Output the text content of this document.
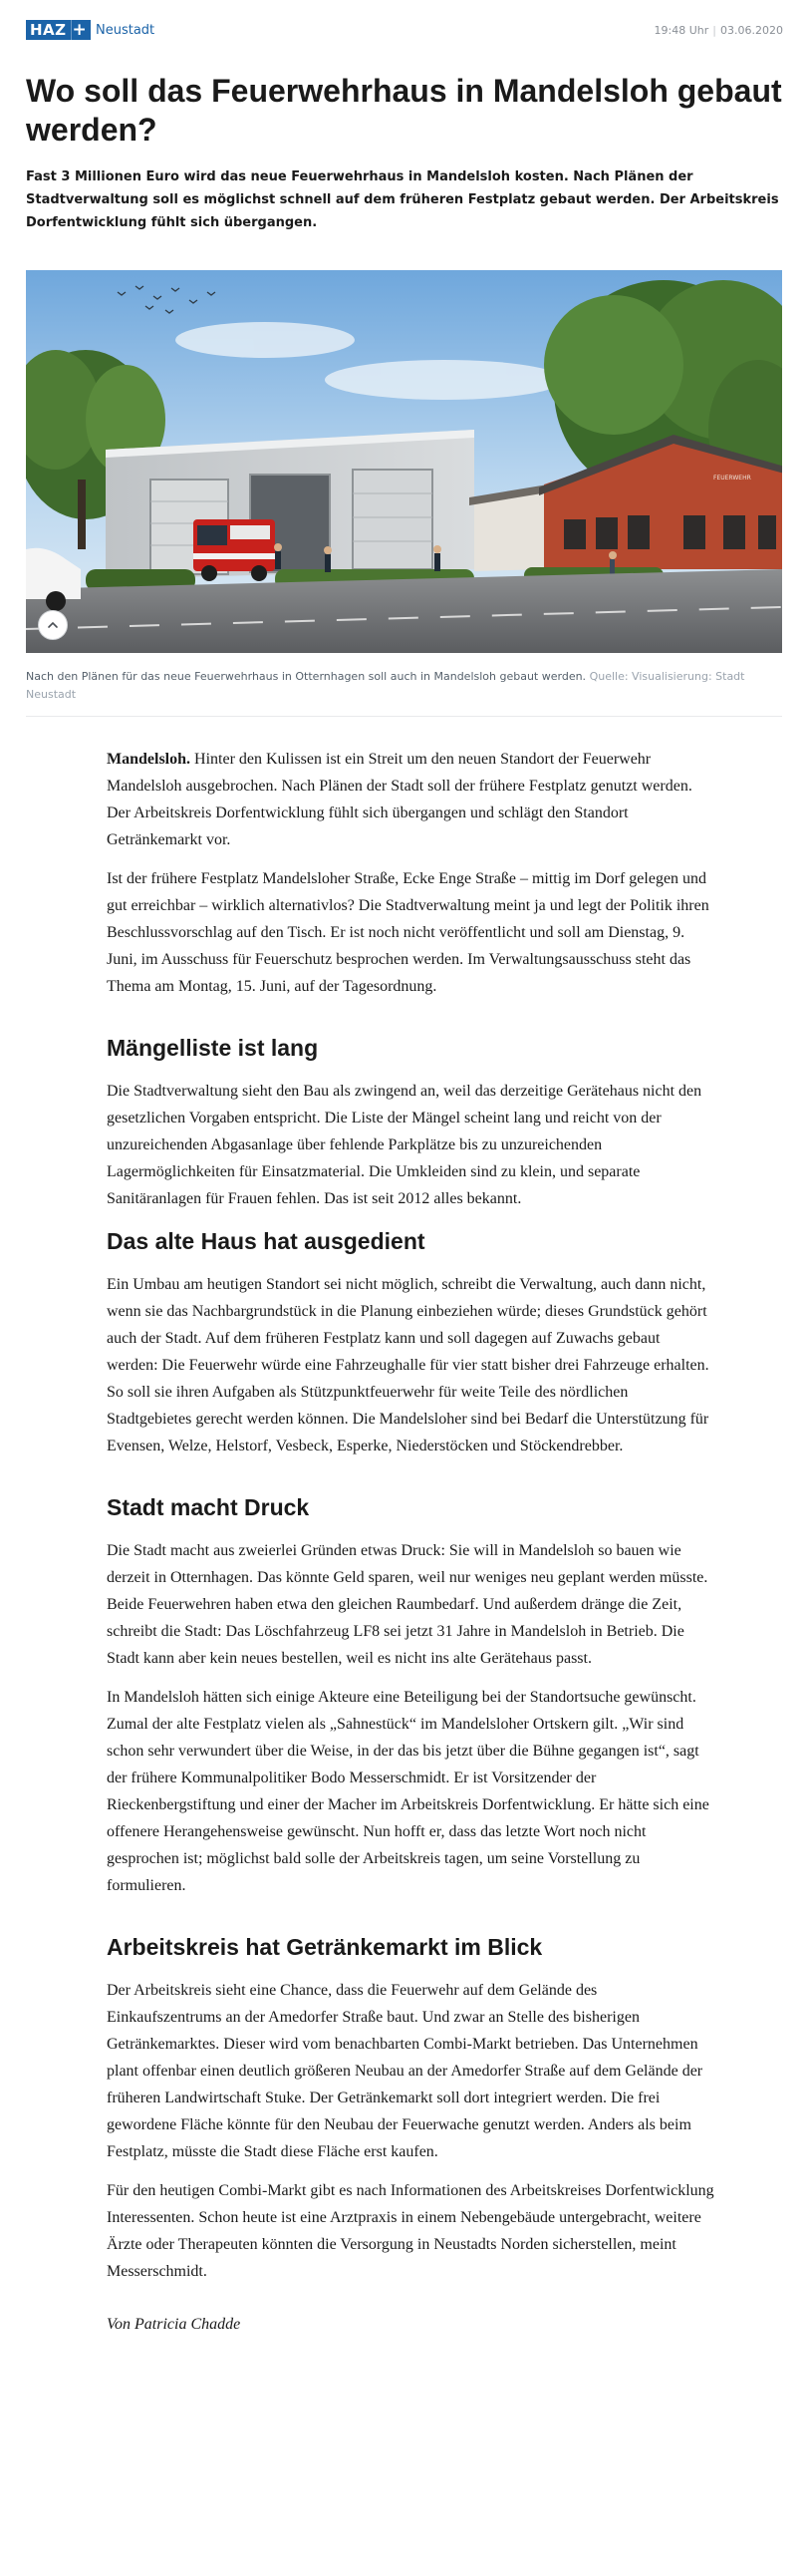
HAZ + Neustadt	19:48 Uhr | 03.06.2020
Wo soll das Feuerwehrhaus in Mandelsloh gebaut werden?

Fast 3 Millionen Euro wird das neue Feuerwehrhaus in Mandelsloh kosten. Nach Plänen der Stadtverwaltung soll es möglichst schnell auf dem früheren Festplatz gebaut werden. Der Arbeitskreis Dorfentwicklung fühlt sich übergangen.

FEUERWEHR
Nach den Plänen für das neue Feuerwehrhaus in Otternhagen soll auch in Mandelsloh gebaut werden. Quelle: Visualisierung: Stadt Neustadt

Mandelsloh. Hinter den Kulissen ist ein Streit um den neuen Standort der Feuerwehr Mandelsloh ausgebrochen. Nach Plänen der Stadt soll der frühere Festplatz genutzt werden. Der Arbeitskreis Dorfentwicklung fühlt sich übergangen und schlägt den Standort Getränkemarkt vor.

Ist der frühere Festplatz Mandelsloher Straße, Ecke Enge Straße – mittig im Dorf gelegen und gut erreichbar – wirklich alternativlos? Die Stadtverwaltung meint ja und legt der Politik ihren Beschlussvorschlag auf den Tisch. Er ist noch nicht veröffentlicht und soll am Dienstag, 9. Juni, im Ausschuss für Feuerschutz besprochen werden. Im Verwaltungsausschuss steht das Thema am Montag, 15. Juni, auf der Tagesordnung.

Mängelliste ist lang

Die Stadtverwaltung sieht den Bau als zwingend an, weil das derzeitige Gerätehaus nicht den gesetzlichen Vorgaben entspricht. Die Liste der Mängel scheint lang und reicht von der unzureichenden Abgasanlage über fehlende Parkplätze bis zu unzureichenden Lagermöglichkeiten für Einsatzmaterial. Die Umkleiden sind zu klein, und separate Sanitäranlagen für Frauen fehlen. Das ist seit 2012 alles bekannt.

Das alte Haus hat ausgedient

Ein Umbau am heutigen Standort sei nicht möglich, schreibt die Verwaltung, auch dann nicht, wenn sie das Nachbargrundstück in die Planung einbeziehen würde; dieses Grundstück gehört auch der Stadt. Auf dem früheren Festplatz kann und soll dagegen auf Zuwachs gebaut werden: Die Feuerwehr würde eine Fahrzeughalle für vier statt bisher drei Fahrzeuge erhalten. So soll sie ihren Aufgaben als Stützpunktfeuerwehr für weite Teile des nördlichen Stadtgebietes gerecht werden können. Die Mandelsloher sind bei Bedarf die Unterstützung für Evensen, Welze, Helstorf, Vesbeck, Esperke, Niederstöcken und Stöckendrebber.

Stadt macht Druck

Die Stadt macht aus zweierlei Gründen etwas Druck: Sie will in Mandelsloh so bauen wie derzeit in Otternhagen. Das könnte Geld sparen, weil nur weniges neu geplant werden müsste. Beide Feuerwehren haben etwa den gleichen Raumbedarf. Und außerdem dränge die Zeit, schreibt die Stadt: Das Löschfahrzeug LF8 sei jetzt 31 Jahre in Mandelsloh in Betrieb. Die Stadt kann aber kein neues bestellen, weil es nicht ins alte Gerätehaus passt.

In Mandelsloh hätten sich einige Akteure eine Beteiligung bei der Standortsuche gewünscht. Zumal der alte Festplatz vielen als „Sahnestück“ im Mandelsloher Ortskern gilt. „Wir sind schon sehr verwundert über die Weise, in der das bis jetzt über die Bühne gegangen ist“, sagt der frühere Kommunalpolitiker Bodo Messerschmidt. Er ist Vorsitzender der Rieckenbergstiftung und einer der Macher im Arbeitskreis Dorfentwicklung. Er hätte sich eine offenere Herangehensweise gewünscht. Nun hofft er, dass das letzte Wort noch nicht gesprochen ist; möglichst bald solle der Arbeitskreis tagen, um seine Vorstellung zu formulieren.

Arbeitskreis hat Getränkemarkt im Blick

Der Arbeitskreis sieht eine Chance, dass die Feuerwehr auf dem Gelände des Einkaufszentrums an der Amedorfer Straße baut. Und zwar an Stelle des bisherigen Getränkemarktes. Dieser wird vom benachbarten Combi-Markt betrieben. Das Unternehmen plant offenbar einen deutlich größeren Neubau an der Amedorfer Straße auf dem Gelände der früheren Landwirtschaft Stuke. Der Getränkemarkt soll dort integriert werden. Die frei gewordene Fläche könnte für den Neubau der Feuerwache genutzt werden. Anders als beim Festplatz, müsste die Stadt diese Fläche erst kaufen.

Für den heutigen Combi-Markt gibt es nach Informationen des Arbeitskreises Dorfentwicklung Interessenten. Schon heute ist eine Arztpraxis in einem Nebengebäude untergebracht, weitere Ärzte oder Therapeuten könnten die Versorgung in Neustadts Norden sicherstellen, meint Messerschmidt.

Von Patricia Chadde
